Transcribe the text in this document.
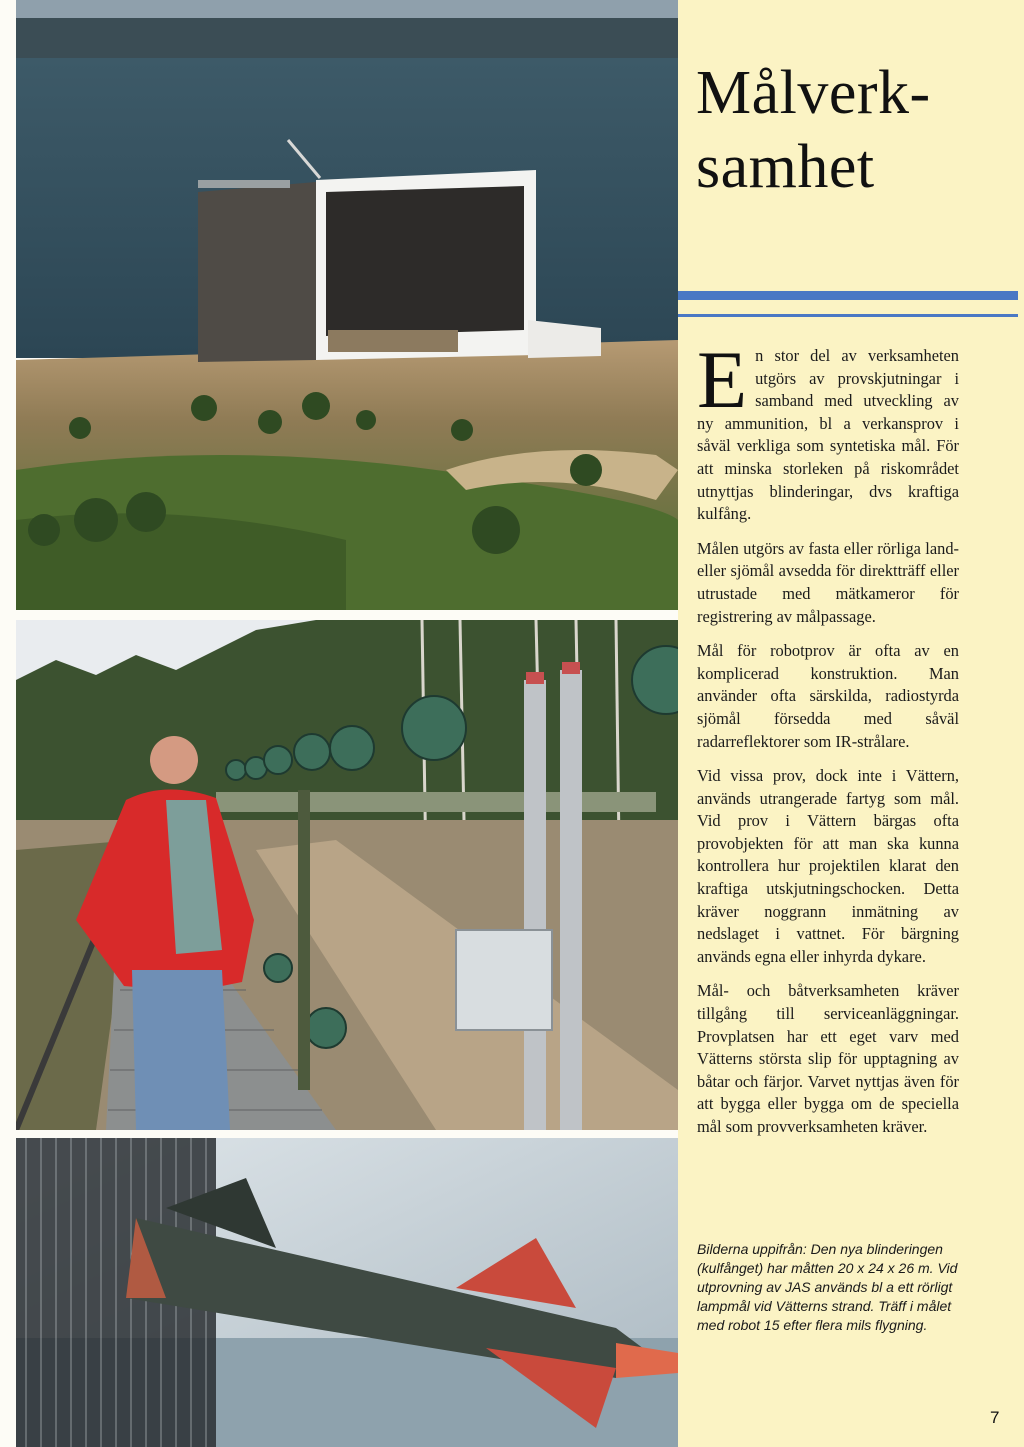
Målverk-
samhet

En stor del av verksamheten utgörs av provskjutningar i samband med utveckling av ny ammunition, bl a verkansprov i såväl verkliga som syntetiska mål. För att minska storleken på riskområdet utnyttjas blinderingar, dvs kraftiga kulfång.

Målen utgörs av fasta eller rörliga land- eller sjömål avsedda för direktträff eller utrustade med mätkameror för registrering av målpassage.

Mål för robotprov är ofta av en komplicerad konstruktion. Man använder ofta särskilda, radiostyrda sjömål försedda med såväl radarreflektorer som IR-strålare.

Vid vissa prov, dock inte i Vättern, används utrangerade fartyg som mål. Vid prov i Vättern bärgas ofta provobjekten för att man ska kunna kontrollera hur projektilen klarat den kraftiga utskjutningschocken. Detta kräver noggrann inmätning av nedslaget i vattnet. För bärgning används egna eller inhyrda dykare.

Mål- och båtverksamheten kräver tillgång till serviceanläggningar. Provplatsen har ett eget varv med Vätterns största slip för upptagning av båtar och färjor. Varvet nyttjas även för att bygga eller bygga om de speciella mål som provverksamheten kräver.

Bilderna uppifrån: Den nya blinderingen (kulfånget) har måtten 20 x 24 x 26 m. Vid utprovning av JAS används bl a ett rörligt lampmål vid Vätterns strand. Träff i målet med robot 15 efter flera mils flygning.
7
